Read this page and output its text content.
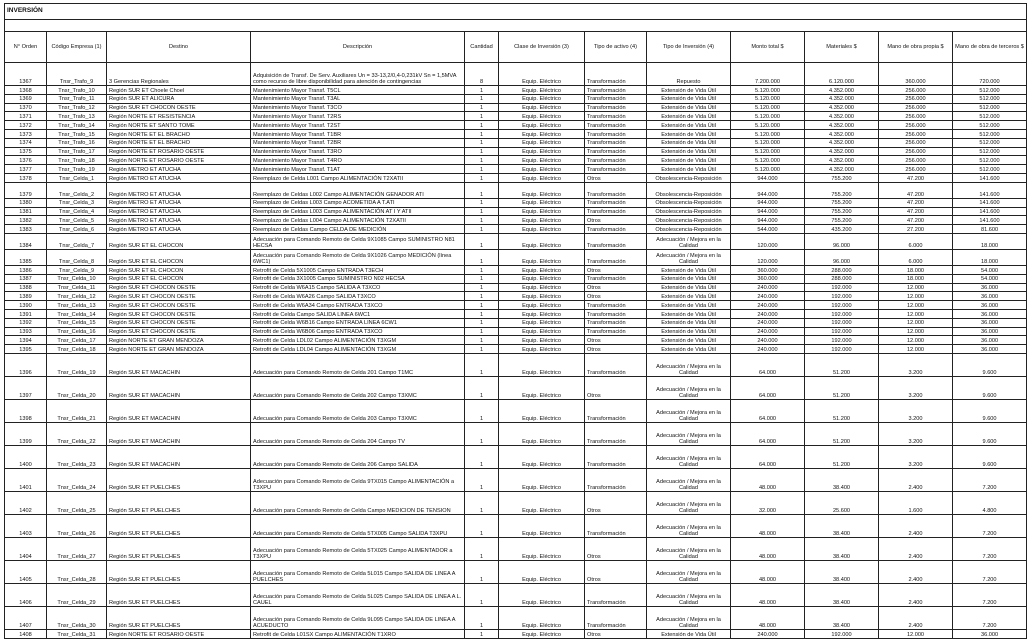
INVERSIÓN											

N° Orden	Código Empresa (1)	Destino	Descripción	Cantidad	Clase de Inversión (3)	Tipo de activo (4)	Tipo de Inversión (4)	Monto total $	Materiales $	Mano de obra propia $	Mano de obra de terceros $
1367	Tnsr_Trafo_9	3 Gerencias Regionales	Adquisición de Transf. De Serv. Auxiliares Un = 33-13,2/0,4-0,231kV Sn = 1,5MVA como recurso de libre disponibilidad para atención de contingencias	8	Equip. Eléctrico	Transformación	Repuesto	7.200.000	6.120.000	360.000	720.000
1368	Tnsr_Trafo_10	Región SUR ET Choele Choel	Mantenimiento Mayor Transf. T5CL	1	Equip. Eléctrico	Transformación	Extensión de Vida Útil	5.120.000	4.352.000	256.000	512.000
1369	Tnsr_Trafo_11	Región SUR ET ALICURA	Mantenimiento Mayor Transf. T3AL	1	Equip. Eléctrico	Transformación	Extensión de Vida Útil	5.120.000	4.352.000	256.000	512.000
1370	Tnsr_Trafo_12	Región SUR ET CHOCON OESTE	Mantenimiento Mayor Transf. T3CO	1	Equip. Eléctrico	Transformación	Extensión de Vida Útil	5.120.000	4.352.000	256.000	512.000
1371	Tnsr_Trafo_13	Región NORTE ET RESISTENCIA	Mantenimiento Mayor Transf. T2RS	1	Equip. Eléctrico	Transformación	Extensión de Vida Útil	5.120.000	4.352.000	256.000	512.000
1372	Tnsr_Trafo_14	Región NORTE ET SANTO TOME	Mantenimiento Mayor Transf. T2ST	1	Equip. Eléctrico	Transformación	Extensión de Vida Útil	5.120.000	4.352.000	256.000	512.000
1373	Tnsr_Trafo_15	Región NORTE ET EL BRACHO	Mantenimiento Mayor Transf. T1BR	1	Equip. Eléctrico	Transformación	Extensión de Vida Útil	5.120.000	4.352.000	256.000	512.000
1374	Tnsr_Trafo_16	Región NORTE ET EL BRACHO	Mantenimiento Mayor Transf. T2BR	1	Equip. Eléctrico	Transformación	Extensión de Vida Útil	5.120.000	4.352.000	256.000	512.000
1375	Tnsr_Trafo_17	Región NORTE ET ROSARIO OESTE	Mantenimiento Mayor Transf. T3RO	1	Equip. Eléctrico	Transformación	Extensión de Vida Útil	5.120.000	4.352.000	256.000	512.000
1376	Tnsr_Trafo_18	Región NORTE ET ROSARIO OESTE	Mantenimiento Mayor Transf. T4RO	1	Equip. Eléctrico	Transformación	Extensión de Vida Útil	5.120.000	4.352.000	256.000	512.000
1377	Tnsr_Trafo_19	Región METRO ET ATUCHA	Mantenimiento Mayor Transf. T1AT	1	Equip. Eléctrico	Transformación	Extensión de Vida Útil	5.120.000	4.352.000	256.000	512.000
1378	Tnsr_Celda_1	Región METRO ET ATUCHA	Reemplazo de Celda L001 Campo ALIMENTACIÓN T2XATII	1	Equip. Eléctrico	Otros	Obsolescencia-Reposición	944.000	755.200	47.200	141.600
1379	Tnsr_Celda_2	Región METRO ET ATUCHA	Reemplazo de Celdas L002 Campo ALIMENTACIÓN GENADOR ATI	1	Equip. Eléctrico	Transformación	Obsolescencia-Reposición	944.000	755.200	47.200	141.600
1380	Tnsr_Celda_3	Región METRO ET ATUCHA	Reemplazo de Celdas L003 Campo ACOMETIDA A T.ATI	1	Equip. Eléctrico	Transformación	Obsolescencia-Reposición	944.000	755.200	47.200	141.600
1381	Tnsr_Celda_4	Región METRO ET ATUCHA	Reemplazo de Celdas L003 Campo ALIMENTACIÓN AT I Y ATII	1	Equip. Eléctrico	Transformación	Obsolescencia-Reposición	944.000	755.200	47.200	141.600
1382	Tnsr_Celda_5	Región METRO ET ATUCHA	Reemplazo de Celdas L004 Campo ALIMENTACIÓN T2XATII	1	Equip. Eléctrico	Otros	Obsolescencia-Reposición	944.000	755.200	47.200	141.600
1383	Tnsr_Celda_6	Región METRO ET ATUCHA	Reemplazo de Celdas Campo CELDA DE MEDICIÓN	1	Equip. Eléctrico	Transformación	Obsolescencia-Reposición	544.000	435.200	27.200	81.600
1384	Tnsr_Celda_7	Región SUR ET EL CHOCON	Adecuación para Comando Remoto de Celda 9X1085 Campo SUMINISTRO N81 HECSA	1	Equip. Eléctrico	Transformación	Adecuación / Mejora en la Calidad	120.000	96.000	6.000	18.000
1385	Tnsr_Celda_8	Región SUR ET EL CHOCON	Adecuación para Comando Remoto de Celda 9X1026 Campo MEDICIÓN (línea 6WC1)	1	Equip. Eléctrico	Transformación	Adecuación / Mejora en la Calidad	120.000	96.000	6.000	18.000
1386	Tnsr_Celda_9	Región SUR ET EL CHOCON	Retrofit de Celda 5X1005 Campo ENTRADA T3ECH	1	Equip. Eléctrico	Otros	Extensión de Vida Útil	360.000	288.000	18.000	54.000
1387	Tnsr_Celda_10	Región SUR ET EL CHOCON	Retrofit de Celda 3X1005 Campo SUMINISTRO N02 HECSA	1	Equip. Eléctrico	Transformación	Extensión de Vida Útil	360.000	288.000	18.000	54.000
1388	Tnsr_Celda_11	Región SUR ET CHOCON OESTE	Retrofit de Celda W6A15 Campo SALIDA A T3XCO	1	Equip. Eléctrico	Otros	Extensión de Vida Útil	240.000	192.000	12.000	36.000
1389	Tnsr_Celda_12	Región SUR ET CHOCON OESTE	Retrofit de Celda W6A26 Campo SALIDA T3XCO	1	Equip. Eléctrico	Otros	Extensión de Vida Útil	240.000	192.000	12.000	36.000
1390	Tnsr_Celda_13	Región SUR ET CHOCON OESTE	Retrofit de Celda W6A34 Campo ENTRADA T3XCO	1	Equip. Eléctrico	Transformación	Extensión de Vida Útil	240.000	192.000	12.000	36.000
1391	Tnsr_Celda_14	Región SUR ET CHOCON OESTE	Retrofit de Celda Campo SALIDA LINEA 6WC1	1	Equip. Eléctrico	Transformación	Extensión de Vida Útil	240.000	192.000	12.000	36.000
1392	Tnsr_Celda_15	Región SUR ET CHOCON OESTE	Retrofit de Celda W6B16 Campo ENTRADA LINEA 6CW1	1	Equip. Eléctrico	Transformación	Extensión de Vida Útil	240.000	192.000	12.000	36.000
1393	Tnsr_Celda_16	Región SUR ET CHOCON OESTE	Retrofit de Celda W6B06 Campo ENTRADA T3XCO	1	Equip. Eléctrico	Transformación	Extensión de Vida Útil	240.000	192.000	12.000	36.000
1394	Tnsr_Celda_17	Región NORTE ET GRAN MENDOZA	Retrofit de Celda LDL02 Campo ALIMENTACIÓN T3XGM	1	Equip. Eléctrico	Otros	Extensión de Vida Útil	240.000	192.000	12.000	36.000
1395	Tnsr_Celda_18	Región NORTE ET GRAN MENDOZA	Retrofit de Celda LDL04 Campo ALIMENTACIÓN T3XGM	1	Equip. Eléctrico	Otros	Extensión de Vida Útil	240.000	192.000	12.000	36.000
1396	Tnsr_Celda_19	Región SUR ET MACACHIN	Adecuación para Comando Remoto de Celda 201 Campo T1MC	1	Equip. Eléctrico	Transformación	Adecuación / Mejora en la Calidad	64.000	51.200	3.200	9.600
1397	Tnsr_Celda_20	Región SUR ET MACACHIN	Adecuación para Comando Remoto de Celda 202 Campo T3XMC	1	Equip. Eléctrico	Otros	Adecuación / Mejora en la Calidad	64.000	51.200	3.200	9.600
1398	Tnsr_Celda_21	Región SUR ET MACACHIN	Adecuación para Comando Remoto de Celda 203 Campo T3XMC	1	Equip. Eléctrico	Transformación	Adecuación / Mejora en la Calidad	64.000	51.200	3.200	9.600
1399	Tnsr_Celda_22	Región SUR ET MACACHIN	Adecuación para Comando Remoto de Celda 204 Campo TV	1	Equip. Eléctrico	Transformación	Adecuación / Mejora en la Calidad	64.000	51.200	3.200	9.600
1400	Tnsr_Celda_23	Región SUR ET MACACHIN	Adecuación para Comando Remoto de Celda 206 Campo SALIDA	1	Equip. Eléctrico	Transformación	Adecuación / Mejora en la Calidad	64.000	51.200	3.200	9.600
1401	Tnsr_Celda_24	Región SUR ET PUELCHES	Adecuación para Comando Remoto de Celda 9TX015 Campo ALIMENTACIÓN a T3XPU	1	Equip. Eléctrico	Transformación	Adecuación / Mejora en la Calidad	48.000	38.400	2.400	7.200
1402	Tnsr_Celda_25	Región SUR ET PUELCHES	Adecuación para Comando Remoto de Celda Campo MEDICION DE TENSION	1	Equip. Eléctrico	Otros	Adecuación / Mejora en la Calidad	32.000	25.600	1.600	4.800
1403	Tnsr_Celda_26	Región SUR ET PUELCHES	Adecuación para Comando Remoto de Celda 5TX005 Campo SALIDA T3XPU	1	Equip. Eléctrico	Transformación	Adecuación / Mejora en la Calidad	48.000	38.400	2.400	7.200
1404	Tnsr_Celda_27	Región SUR ET PUELCHES	Adecuación para Comando Remoto de Celda 5TX025 Campo ALIMENTADOR a T3XPU	1	Equip. Eléctrico	Otros	Adecuación / Mejora en la Calidad	48.000	38.400	2.400	7.200
1405	Tnsr_Celda_28	Región SUR ET PUELCHES	Adecuación para Comando Remoto de Celda 5L015 Campo SALIDA DE LINEA A PUELCHES	1	Equip. Eléctrico	Otros	Adecuación / Mejora en la Calidad	48.000	38.400	2.400	7.200
1406	Tnsr_Celda_29	Región SUR ET PUELCHES	Adecuación para Comando Remoto de Celda 5L025 Campo SALIDA DE LINEA A L. CAUEL	1	Equip. Eléctrico	Transformación	Adecuación / Mejora en la Calidad	48.000	38.400	2.400	7.200
1407	Tnsr_Celda_30	Región SUR ET PUELCHES	Adecuación para Comando Remoto de Celda 9L095 Campo SALIDA DE LINEA A ACUEDUCTO	1	Equip. Eléctrico	Transformación	Adecuación / Mejora en la Calidad	48.000	38.400	2.400	7.200
1408	Tnsr_Celda_31	Región NORTE ET ROSARIO OESTE	Retrofit de Celda L01SX Campo ALIMENTACIÓN T1XRO	1	Equip. Eléctrico	Otros	Extensión de Vida Útil	240.000	192.000	12.000	36.000
